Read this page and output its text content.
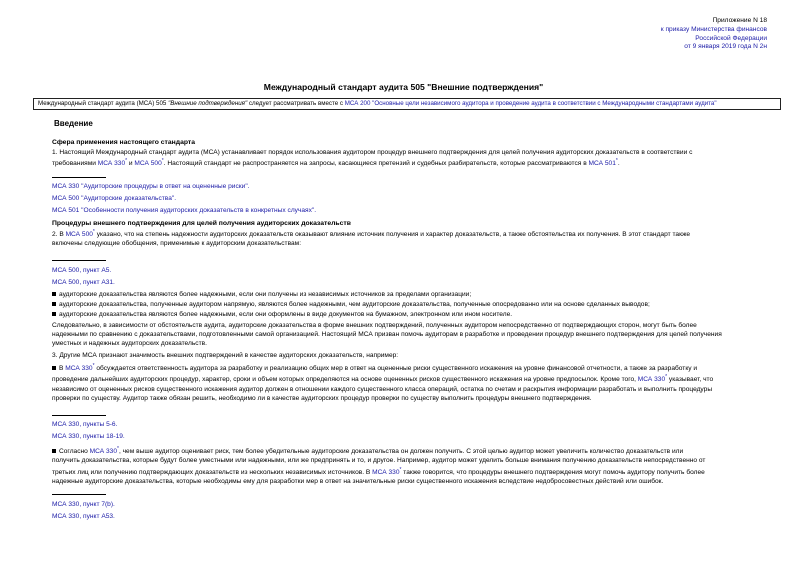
Приложение N 18
к приказу Министерства финансов
Российской Федерации
от 9 января 2019 года N 2н
Международный стандарт аудита 505 "Внешние подтверждения"
Международный стандарт аудита (МСА) 505 "Внешние подтверждения" следует рассматривать вместе с МСА 200 "Основные цели независимого аудитора и проведение аудита в соответствии с Международными стандартами аудита"
Введение
Сфера применения настоящего стандарта
1. Настоящий Международный стандарт аудита (МСА) устанавливает порядок использования аудитором процедур внешнего подтверждения для целей получения аудиторских доказательств в соответствии с
требованиями МСА 330* и МСА 500*. Настоящий стандарт не распространяется на запросы, касающиеся претензий и судебных разбирательств, которые рассматриваются в МСА 501*.
МСА 330 "Аудиторские процедуры в ответ на оцененные риски".
МСА 500 "Аудиторские доказательства".
МСА 501 "Особенности получения аудиторских доказательств в конкретных случаях".
Процедуры внешнего подтверждения для целей получения аудиторских доказательств
2. В МСА 500* указано, что на степень надежности аудиторских доказательств оказывают влияние источник получения и характер доказательств, а также обстоятельства их получения. В этот стандарт также
включены следующие обобщения, применимые к аудиторским доказательствам:
МСА 500, пункт А5.
МСА 500, пункт А31.
аудиторские доказательства являются более надежными, если они получены из независимых источников за пределами организации;
аудиторские доказательства, полученные аудитором напрямую, являются более надежными, чем аудиторские доказательства, полученные опосредованно или на основе сделанных выводов;
аудиторские доказательства являются более надежными, если они оформлены в виде документов на бумажном, электронном или ином носителе.
Следовательно, в зависимости от обстоятельств аудита, аудиторские доказательства в форме внешних подтверждений, полученных аудитором непосредственно от подтверждающих сторон, могут быть более
надежными по сравнению с доказательствами, подготовленными самой организацией. Настоящий МСА призван помочь аудиторам в разработке и проведении процедур внешнего подтверждения для целей получения
уместных и надежных аудиторских доказательств.
3. Другие МСА признают значимость внешних подтверждений в качестве аудиторских доказательств, например:
В МСА 330* обсуждается ответственность аудитора за разработку и реализацию общих мер в ответ на оцененные риски существенного искажения на уровне финансовой отчетности, а также за разработку и
проведение дальнейших аудиторских процедур, характер, сроки и объем которых определяются на основе оцененных рисков существенного искажения на уровне предпосылок. Кроме того, МСА 330* указывает, что
независимо от оцененных рисков существенного искажения аудитор должен в отношении каждого существенного класса операций, остатка по счетам и раскрытия информации разработать и выполнить процедуры
проверки по существу. Аудитор также обязан решить, необходимо ли в качестве аудиторских процедур проверки по существу выполнить процедуры внешнего подтверждения.
МСА 330, пункты 5-6.
МСА 330, пункты 18-19.
Согласно МСА 330*, чем выше аудитор оценивает риск, тем более убедительные аудиторские доказательства он должен получить. С этой целью аудитор может увеличить количество доказательств или
получить доказательства, которые будут более уместными или надежными, или же предпринять и то, и другое. Например, аудитор может уделить больше внимания получению доказательств непосредственно от
третьих лиц или получению подтверждающих доказательств из нескольких независимых источников. В МСА 330* также говорится, что процедуры внешнего подтверждения могут помочь аудитору получить более
надежные аудиторские доказательства, которые необходимы ему для разработки мер в ответ на значительные риски существенного искажения вследствие недобросовестных действий или ошибок.
МСА 330, пункт 7(b).
МСА 330, пункт А53.
